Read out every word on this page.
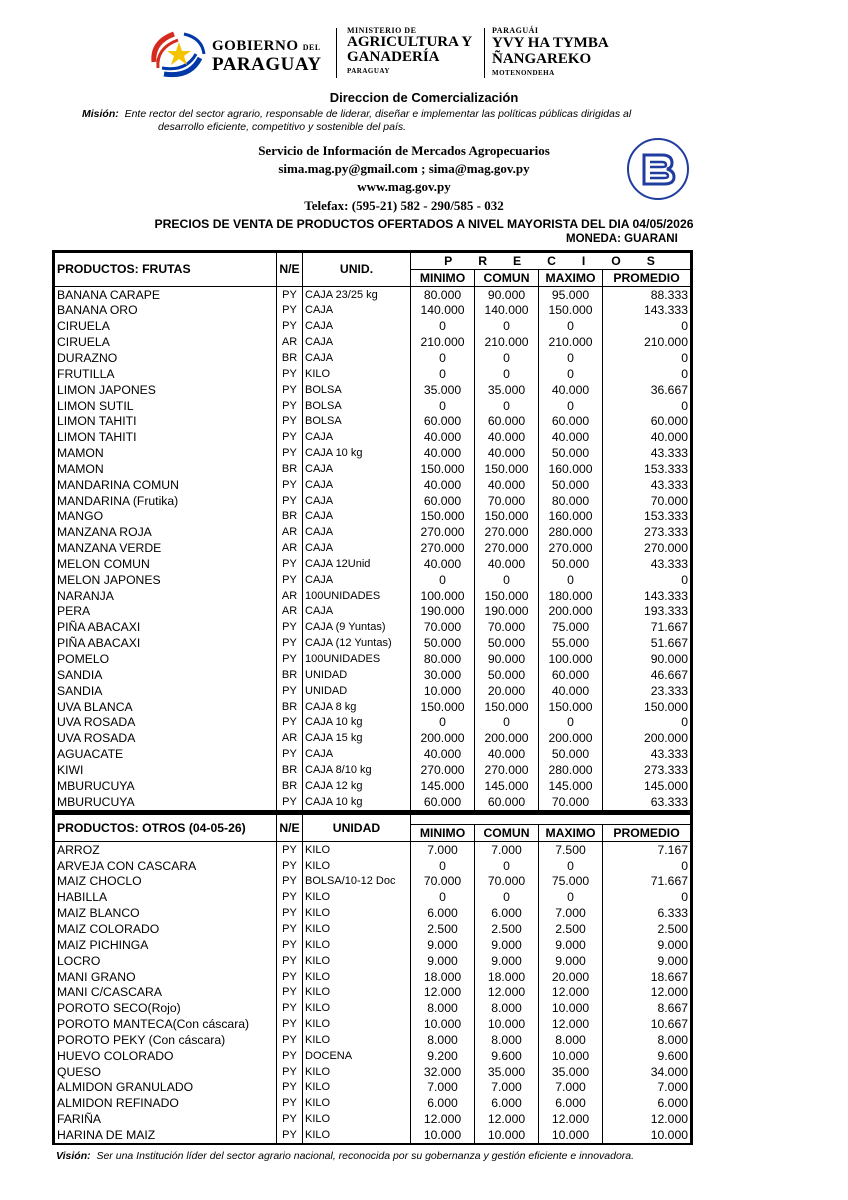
GOBIERNO DEL
PARAGUAY
MINISTERIO DE
AGRICULTURA Y
GANADERÍA
PARAGUAY
PARAGUÁI
YVY HA TYMBA
ÑANGAREKO
MOTENONDEHA
Direccion de Comercialización
Misión: Ente rector del sector agrario, responsable de liderar, diseñar e implementar las políticas públicas dirigidas al
desarrollo eficiente, competitivo y sostenible del país.
Servicio de Información de Mercados Agropecuarios
sima.mag.py@gmail.com ; sima@mag.gov.py
www.mag.gov.py
Telefax: (595-21) 582 - 290/585 - 032
PRECIOS DE VENTA DE PRODUCTOS OFERTADOS A NIVEL MAYORISTA DEL DIA 04/05/2026
MONEDA: GUARANI
PRODUCTOS: FRUTAS	N/E	UNID.	PRECIOS			
			MINIMO	COMUN	MAXIMO	PROMEDIO
BANANA CARAPE	PY	CAJA 23/25 kg	80.000	90.000	95.000	88.333
BANANA ORO	PY	CAJA	140.000	140.000	150.000	143.333
CIRUELA	PY	CAJA	0	0	0	0
CIRUELA	AR	CAJA	210.000	210.000	210.000	210.000
DURAZNO	BR	CAJA	0	0	0	0
FRUTILLA	PY	KILO	0	0	0	0
LIMON JAPONES	PY	BOLSA	35.000	35.000	40.000	36.667
LIMON SUTIL	PY	BOLSA	0	0	0	0
LIMON TAHITI	PY	BOLSA	60.000	60.000	60.000	60.000
LIMON TAHITI	PY	CAJA	40.000	40.000	40.000	40.000
MAMON	PY	CAJA 10 kg	40.000	40.000	50.000	43.333
MAMON	BR	CAJA	150.000	150.000	160.000	153.333
MANDARINA COMUN	PY	CAJA	40.000	40.000	50.000	43.333
MANDARINA (Frutika)	PY	CAJA	60.000	70.000	80.000	70.000
MANGO	BR	CAJA	150.000	150.000	160.000	153.333
MANZANA ROJA	AR	CAJA	270.000	270.000	280.000	273.333
MANZANA VERDE	AR	CAJA	270.000	270.000	270.000	270.000
MELON COMUN	PY	CAJA 12Unid	40.000	40.000	50.000	43.333
MELON JAPONES	PY	CAJA	0	0	0	0
NARANJA	AR	100UNIDADES	100.000	150.000	180.000	143.333
PERA	AR	CAJA	190.000	190.000	200.000	193.333
PIÑA ABACAXI	PY	CAJA (9 Yuntas)	70.000	70.000	75.000	71.667
PIÑA ABACAXI	PY	CAJA (12 Yuntas)	50.000	50.000	55.000	51.667
POMELO	PY	100UNIDADES	80.000	90.000	100.000	90.000
SANDIA	BR	UNIDAD	30.000	50.000	60.000	46.667
SANDIA	PY	UNIDAD	10.000	20.000	40.000	23.333
UVA BLANCA	BR	CAJA 8 kg	150.000	150.000	150.000	150.000
UVA ROSADA	PY	CAJA 10 kg	0	0	0	0
UVA ROSADA	AR	CAJA 15 kg	200.000	200.000	200.000	200.000
AGUACATE	PY	CAJA	40.000	40.000	50.000	43.333
KIWI	BR	CAJA 8/10 kg	270.000	270.000	280.000	273.333
MBURUCUYA	BR	CAJA 12 kg	145.000	145.000	145.000	145.000
MBURUCUYA	PY	CAJA 10 kg	60.000	60.000	70.000	63.333
PRODUCTOS: OTROS (04-05-26)	N/E	UNIDAD				
			MINIMO	COMUN	MAXIMO	PROMEDIO
ARROZ	PY	KILO	7.000	7.000	7.500	7.167
ARVEJA CON CASCARA	PY	KILO	0	0	0	0
MAIZ CHOCLO	PY	BOLSA/10-12 Doc	70.000	70.000	75.000	71.667
HABILLA	PY	KILO	0	0	0	0
MAIZ BLANCO	PY	KILO	6.000	6.000	7.000	6.333
MAIZ COLORADO	PY	KILO	2.500	2.500	2.500	2.500
MAIZ PICHINGA	PY	KILO	9.000	9.000	9.000	9.000
LOCRO	PY	KILO	9.000	9.000	9.000	9.000
MANI GRANO	PY	KILO	18.000	18.000	20.000	18.667
MANI C/CASCARA	PY	KILO	12.000	12.000	12.000	12.000
POROTO SECO(Rojo)	PY	KILO	8.000	8.000	10.000	8.667
POROTO MANTECA(Con cáscara)	PY	KILO	10.000	10.000	12.000	10.667
POROTO PEKY (Con cáscara)	PY	KILO	8.000	8.000	8.000	8.000
HUEVO COLORADO	PY	DOCENA	9.200	9.600	10.000	9.600
QUESO	PY	KILO	32.000	35.000	35.000	34.000
ALMIDON GRANULADO	PY	KILO	7.000	7.000	7.000	7.000
ALMIDON REFINADO	PY	KILO	6.000	6.000	6.000	6.000
FARIÑA	PY	KILO	12.000	12.000	12.000	12.000
HARINA DE MAIZ	PY	KILO	10.000	10.000	10.000	10.000
Visión: Ser una Institución líder del sector agrario nacional, reconocida por su gobernanza y gestión eficiente e innovadora.
